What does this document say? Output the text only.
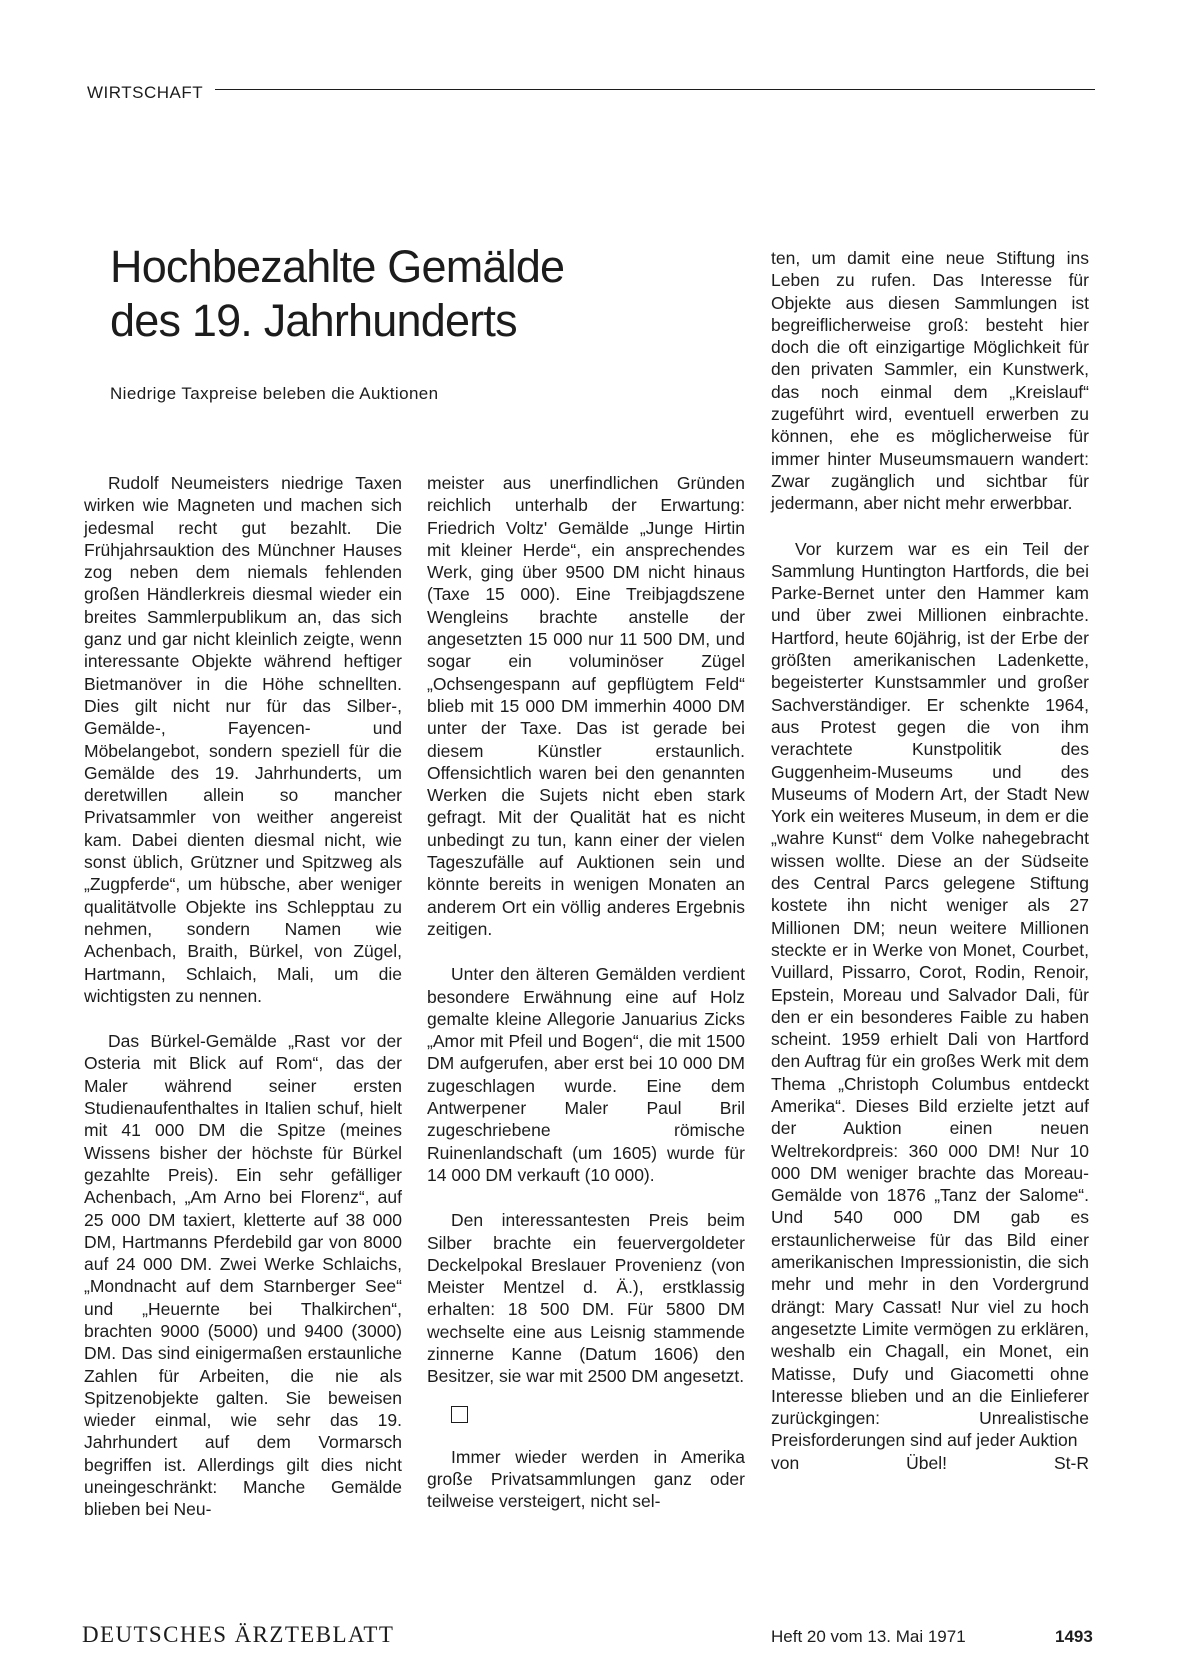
WIRTSCHAFT
Hochbezahlte Gemälde
des 19. Jahrhunderts
Niedrige Taxpreise beleben die Auktionen

Rudolf Neumeisters niedrige Taxen wirken wie Magneten und machen sich jedesmal recht gut bezahlt. Die Frühjahrsauktion des Münchner Hauses zog neben dem niemals fehlenden großen Händlerkreis diesmal wieder ein breites Sammlerpublikum an, das sich ganz und gar nicht kleinlich zeigte, wenn interessante Objekte während heftiger Bietmanöver in die Höhe schnellten. Dies gilt nicht nur für das Silber-, Gemälde-, Fayencen- und Möbelangebot, sondern speziell für die Gemälde des 19. Jahrhunderts, um deretwillen allein so mancher Privatsammler von weither angereist kam. Dabei dienten diesmal nicht, wie sonst üblich, Grützner und Spitzweg als „Zugpferde“, um hübsche, aber weniger qualitätvolle Objekte ins Schlepptau zu nehmen, sondern Namen wie Achenbach, Braith, Bürkel, von Zügel, Hartmann, Schlaich, Mali, um die wichtigsten zu nennen.

Das Bürkel-Gemälde „Rast vor der Osteria mit Blick auf Rom“, das der Maler während seiner ersten Studienaufenthaltes in Italien schuf, hielt mit 41 000 DM die Spitze (meines Wissens bisher der höchste für Bürkel gezahlte Preis). Ein sehr gefälliger Achenbach, „Am Arno bei Florenz“, auf 25 000 DM taxiert, kletterte auf 38 000 DM, Hartmanns Pferdebild gar von 8000 auf 24 000 DM. Zwei Werke Schlaichs, „Mondnacht auf dem Starnberger See“ und „Heuernte bei Thalkirchen“, brachten 9000 (5000) und 9400 (3000) DM. Das sind einigermaßen erstaunliche Zahlen für Arbeiten, die nie als Spitzenobjekte galten. Sie beweisen wieder einmal, wie sehr das 19. Jahrhundert auf dem Vormarsch begriffen ist. Allerdings gilt dies nicht uneingeschränkt: Manche Gemälde blieben bei Neu-

meister aus unerfindlichen Gründen reichlich unterhalb der Erwartung: Friedrich Voltz' Gemälde „Junge Hirtin mit kleiner Herde“, ein ansprechendes Werk, ging über 9500 DM nicht hinaus (Taxe 15 000). Eine Treibjagdszene Wengleins brachte anstelle der angesetzten 15 000 nur 11 500 DM, und sogar ein voluminöser Zügel „Ochsengespann auf gepflügtem Feld“ blieb mit 15 000 DM immerhin 4000 DM unter der Taxe. Das ist gerade bei diesem Künstler erstaunlich. Offensichtlich waren bei den genannten Werken die Sujets nicht eben stark gefragt. Mit der Qualität hat es nicht unbedingt zu tun, kann einer der vielen Tageszufälle auf Auktionen sein und könnte bereits in wenigen Monaten an anderem Ort ein völlig anderes Ergebnis zeitigen.

Unter den älteren Gemälden verdient besondere Erwähnung eine auf Holz gemalte kleine Allegorie Januarius Zicks „Amor mit Pfeil und Bogen“, die mit 1500 DM aufgerufen, aber erst bei 10 000 DM zugeschlagen wurde. Eine dem Antwerpener Maler Paul Bril zugeschriebene römische Ruinenlandschaft (um 1605) wurde für 14 000 DM verkauft (10 000).

Den interessantesten Preis beim Silber brachte ein feuervergoldeter Deckelpokal Breslauer Provenienz (von Meister Mentzel d. Ä.), erstklassig erhalten: 18 500 DM. Für 5800 DM wechselte eine aus Leisnig stammende zinnerne Kanne (Datum 1606) den Besitzer, sie war mit 2500 DM angesetzt.

Immer wieder werden in Amerika große Privatsammlungen ganz oder teilweise versteigert, nicht sel-

ten, um damit eine neue Stiftung ins Leben zu rufen. Das Interesse für Objekte aus diesen Sammlungen ist begreiflicherweise groß: besteht hier doch die oft einzigartige Möglichkeit für den privaten Sammler, ein Kunstwerk, das noch einmal dem „Kreislauf“ zugeführt wird, eventuell erwerben zu können, ehe es möglicherweise für immer hinter Museumsmauern wandert: Zwar zugänglich und sichtbar für jedermann, aber nicht mehr erwerbbar.

Vor kurzem war es ein Teil der Sammlung Huntington Hartfords, die bei Parke-Bernet unter den Hammer kam und über zwei Millionen einbrachte. Hartford, heute 60jährig, ist der Erbe der größten amerikanischen Ladenkette, begeisterter Kunstsammler und großer Sachverständiger. Er schenkte 1964, aus Protest gegen die von ihm verachtete Kunstpolitik des Guggenheim-Museums und des Museums of Modern Art, der Stadt New York ein weiteres Museum, in dem er die „wahre Kunst“ dem Volke nahegebracht wissen wollte. Diese an der Südseite des Central Parcs gelegene Stiftung kostete ihn nicht weniger als 27 Millionen DM; neun weitere Millionen steckte er in Werke von Monet, Courbet, Vuillard, Pissarro, Corot, Rodin, Renoir, Epstein, Moreau und Salvador Dali, für den er ein besonderes Faible zu haben scheint. 1959 erhielt Dali von Hartford den Auftrag für ein großes Werk mit dem Thema „Christoph Columbus entdeckt Amerika“. Dieses Bild erzielte jetzt auf der Auktion einen neuen Weltrekordpreis: 360 000 DM! Nur 10 000 DM weniger brachte das Moreau-Gemälde von 1876 „Tanz der Salome“. Und 540 000 DM gab es erstaunlicherweise für das Bild einer amerikanischen Impressionistin, die sich mehr und mehr in den Vordergrund drängt: Mary Cassat! Nur viel zu hoch angesetzte Limite vermögen zu erklären, weshalb ein Chagall, ein Monet, ein Matisse, Dufy und Giacometti ohne Interesse blieben und an die Einlieferer zurückgingen: Unrealistische Preisforderungen sind auf jeder Auktion

von Übel!	St-R

DEUTSCHES ÄRZTEBLATT	Heft 20 vom 13. Mai 1971	1493
